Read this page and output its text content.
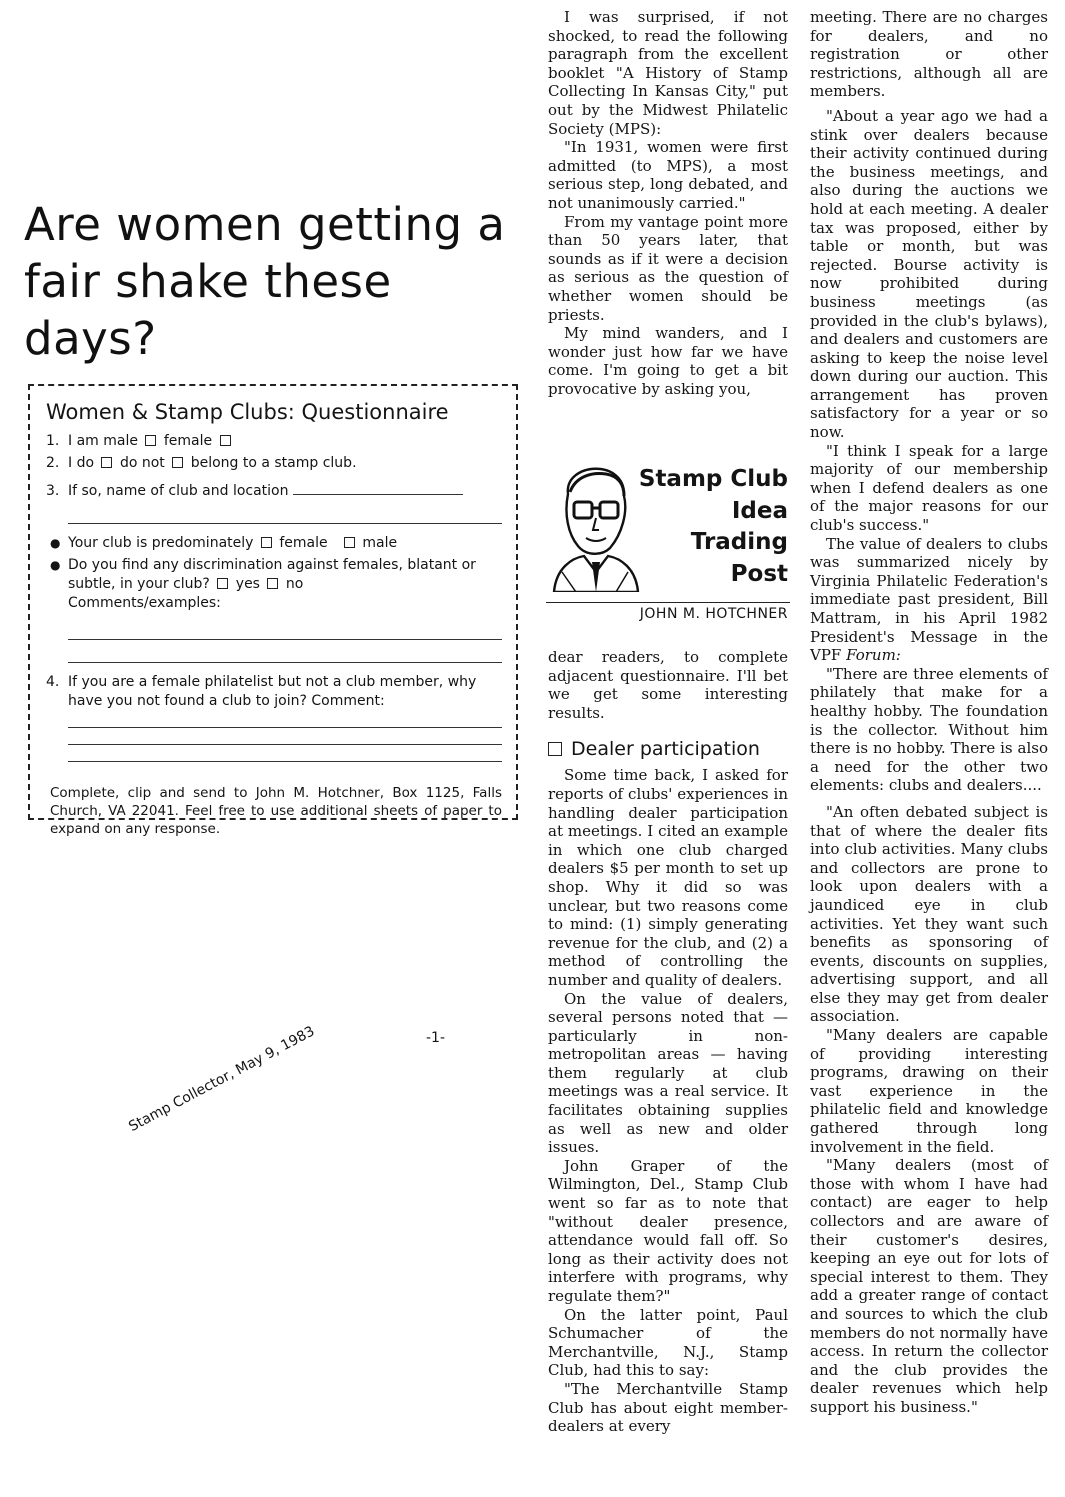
Are women getting a fair shake these days?
Women & Stamp Clubs: Questionnaire
1. I am male female
2. I do do not belong to a stamp club.
3. If so, name of club and location
● Your club is predominately female male
● Do you find any discrimination against females, blatant or subtle, in your club? yes no
Comments/examples:
4. If you are a female philatelist but not a club member, why have you not found a club to join? Comment:
Complete, clip and send to John M. Hotchner, Box 1125, Falls Church, VA 22041. Feel free to use additional sheets of paper to expand on any response.

I was surprised, if not shocked, to read the following paragraph from the excellent booklet "A History of Stamp Collecting In Kansas City," put out by the Midwest Philatelic Society (MPS):

"In 1931, women were first admitted (to MPS), a most serious step, long debated, and not unanimously carried."

From my vantage point more than 50 years later, that sounds as if it were a decision as serious as the question of whether women should be priests.

My mind wanders, and I wonder just how far we have come. I'm going to get a bit provocative by asking you,

Stamp Club
Idea
Trading
Post
JOHN M. HOTCHNER

dear readers, to complete adjacent questionnaire. I'll bet we get some interesting results.

Dealer participation

Some time back, I asked for reports of clubs' experiences in handling dealer participation at meetings. I cited an example in which one club charged dealers $5 per month to set up shop. Why it did so was unclear, but two reasons come to mind: (1) simply generating revenue for the club, and (2) a method of controlling the number and quality of dealers.

On the value of dealers, several persons noted that — particularly in non-metropolitan areas — having them regularly at club meetings was a real service. It facilitates obtaining supplies as well as new and older issues.

John Graper of the Wilmington, Del., Stamp Club went so far as to note that "without dealer presence, attendance would fall off. So long as their activity does not interfere with programs, why regulate them?"

On the latter point, Paul Schumacher of the Merchantville, N.J., Stamp Club, had this to say:

"The Merchantville Stamp Club has about eight member-dealers at every

meeting. There are no charges for dealers, and no registration or other restrictions, although all are members.

"About a year ago we had a stink over dealers because their activity continued during the business meetings, and also during the auctions we hold at each meeting. A dealer tax was proposed, either by table or month, but was rejected. Bourse activity is now prohibited during business meetings (as provided in the club's bylaws), and dealers and customers are asking to keep the noise level down during our auction. This arrangement has proven satisfactory for a year or so now.

"I think I speak for a large majority of our membership when I defend dealers as one of the major reasons for our club's success."

The value of dealers to clubs was summarized nicely by Virginia Philatelic Federation's immediate past president, Bill Mattram, in his April 1982 President's Message in the VPF Forum:

"There are three elements of philately that make for a healthy hobby. The foundation is the collector. Without him there is no hobby. There is also a need for the other two elements: clubs and dealers....

"An often debated subject is that of where the dealer fits into club activities. Many clubs and collectors are prone to look upon dealers with a jaundiced eye in club activities. Yet they want such benefits as sponsoring of events, discounts on supplies, advertising support, and all else they may get from dealer association.

"Many dealers are capable of providing interesting programs, drawing on their vast experience in the philatelic field and knowledge gathered through long involvement in the field.

"Many dealers (most of those with whom I have had contact) are eager to help collectors and are aware of their customer's desires, keeping an eye out for lots of special interest to them. They add a greater range of contact and sources to which the club members do not normally have access. In return the collector and the club provides the dealer revenues which help support his business."

-1-
Stamp Collector, May 9, 1983
